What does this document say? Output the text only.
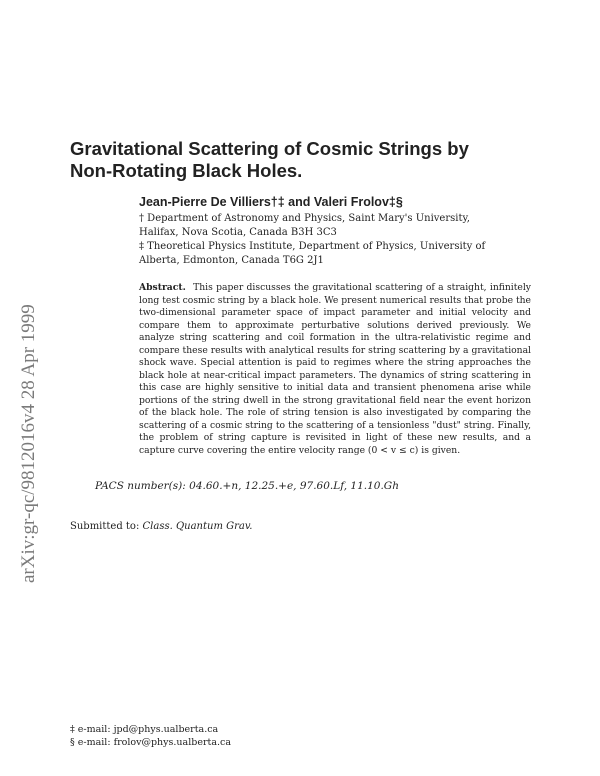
arXiv:gr-qc/9812016v4 28 Apr 1999
Gravitational Scattering of Cosmic Strings by Non-Rotating Black Holes.
Jean-Pierre De Villiers†‡ and Valeri Frolov‡§
† Department of Astronomy and Physics, Saint Mary's University, Halifax, Nova Scotia, Canada B3H 3C3
‡ Theoretical Physics Institute, Department of Physics, University of Alberta, Edmonton, Canada T6G 2J1
Abstract. This paper discusses the gravitational scattering of a straight, infinitely long test cosmic string by a black hole. We present numerical results that probe the two-dimensional parameter space of impact parameter and initial velocity and compare them to approximate perturbative solutions derived previously. We analyze string scattering and coil formation in the ultra-relativistic regime and compare these results with analytical results for string scattering by a gravitational shock wave. Special attention is paid to regimes where the string approaches the black hole at near-critical impact parameters. The dynamics of string scattering in this case are highly sensitive to initial data and transient phenomena arise while portions of the string dwell in the strong gravitational field near the event horizon of the black hole. The role of string tension is also investigated by comparing the scattering of a cosmic string to the scattering of a tensionless "dust" string. Finally, the problem of string capture is revisited in light of these new results, and a capture curve covering the entire velocity range (0 < v ≤ c) is given.
PACS number(s): 04.60.+n, 12.25.+e, 97.60.Lf, 11.10.Gh
Submitted to: Class. Quantum Grav.
‡ e-mail: jpd@phys.ualberta.ca
§ e-mail: frolov@phys.ualberta.ca
